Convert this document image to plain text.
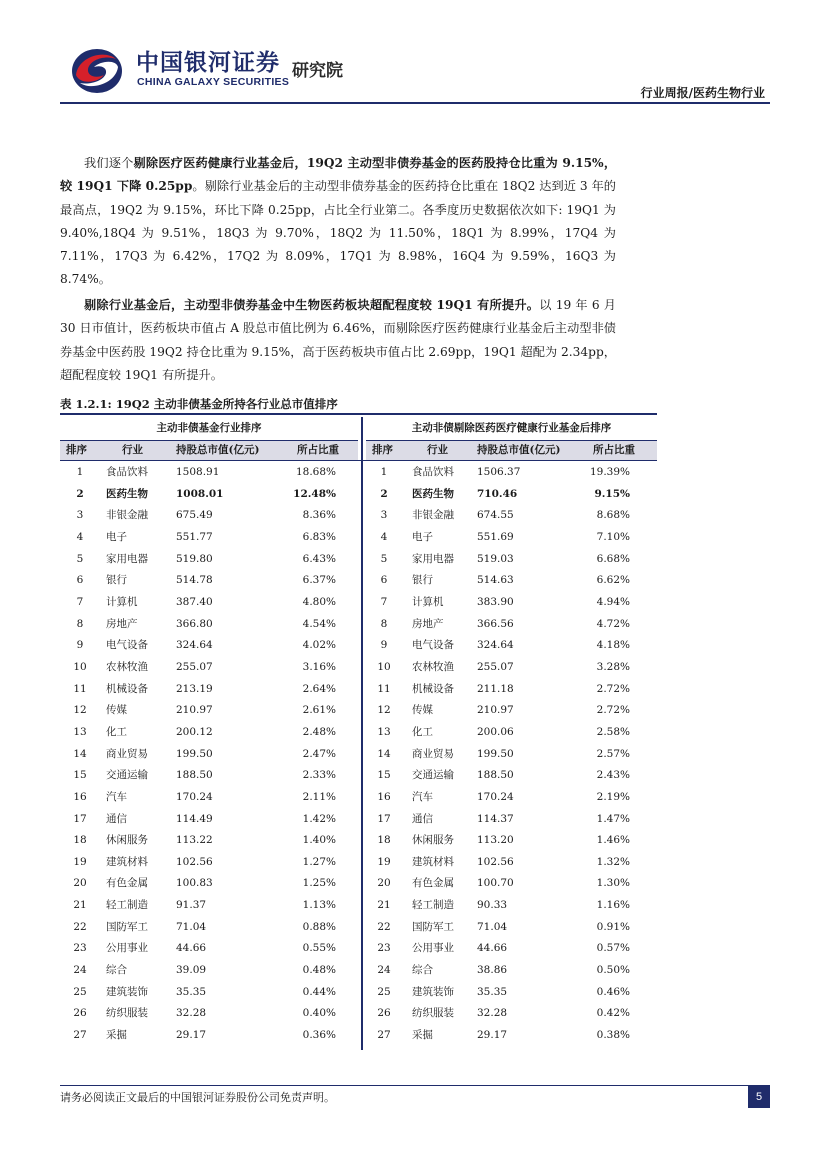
中国银河证券
CHINA GALAXY SECURITIES
研究院
行业周报/医药生物行业

我们逐个剔除医疗医药健康行业基金后，19Q2 主动型非债券基金的医药股持仓比重为 9.15%，较 19Q1 下降 0.25pp。剔除行业基金后的主动型非债券基金的医药持仓比重在 18Q2 达到近 3 年的最高点，19Q2 为 9.15%，环比下降 0.25pp，占比全行业第二。各季度历史数据依次如下: 19Q1 为 9.40%,18Q4 为 9.51%，18Q3 为 9.70%，18Q2 为 11.50%，18Q1 为 8.99%，17Q4 为 7.11%，17Q3 为 6.42%，17Q2 为 8.09%，17Q1 为 8.98%，16Q4 为 9.59%，16Q3 为 8.74%。

剔除行业基金后，主动型非债券基金中生物医药板块超配程度较 19Q1 有所提升。以 19 年 6 月 30 日市值计，医药板块市值占 A 股总市值比例为 6.46%，而剔除医疗医药健康行业基金后主动型非债券基金中医药股 19Q2 持仓比重为 9.15%，高于医药板块市值占比 2.69pp，19Q1 超配为 2.34pp，超配程度较 19Q1 有所提升。

表 1.2.1: 19Q2 主动非债基金所持各行业总市值排序
主动非债基金行业排序	主动非债剔除医药医疗健康行业基金后排序
排序	行业	持股总市值(亿元)	所占比重	排序	行业	持股总市值(亿元)	所占比重
1	食品饮料	1508.91	18.68%	1	食品饮料 1506.37	19.39%
2	医药生物	1008.01	12.48%	2	医药生物 710.46	9.15%
3	非银金融	675.49	8.36%	3	非银金融 674.55	8.68%
4	电子	551.77	6.83%	4	电子	551.69	7.10%
5	家用电器	519.80	6.43%	5	家用电器 519.03	6.68%
6	银行	514.78	6.37%	6	银行	514.63	6.62%
7	计算机	387.40	4.80%	7	计算机	383.90	4.94%
8	房地产	366.80	4.54%	8	房地产	366.56	4.72%
9	电气设备	324.64	4.02%	9	电气设备 324.64	4.18%
10	农林牧渔	255.07	3.16%	10	农林牧渔 255.07	3.28%
11	机械设备	213.19	2.64%	11	机械设备 211.18	2.72%
12	传媒	210.97	2.61%	12	传媒	210.97	2.72%
13	化工	200.12	2.48%	13	化工	200.06	2.58%
14	商业贸易	199.50	2.47%	14	商业贸易 199.50	2.57%
15	交通运输	188.50	2.33%	15	交通运输 188.50	2.43%
16	汽车	170.24	2.11%	16	汽车	170.24	2.19%
17	通信	114.49	1.42%	17	通信	114.37	1.47%
18	休闲服务	113.22	1.40%	18	休闲服务 113.20	1.46%
19	建筑材料	102.56	1.27%	19	建筑材料 102.56	1.32%
20	有色金属	100.83	1.25%	20	有色金属 100.70	1.30%
21	轻工制造	91.37	1.13%	21	轻工制造 90.33	1.16%
22	国防军工	71.04	0.88%	22	国防军工 71.04	0.91%
23	公用事业	44.66	0.55%	23	公用事业 44.66	0.57%
24	综合	39.09	0.48%	24	综合	38.86	0.50%
25	建筑装饰	35.35	0.44%	25	建筑装饰 35.35	0.46%
26	纺织服装	32.28	0.40%	26	纺织服装 32.28	0.42%
27	采掘	29.17	0.36%	27	采掘	29.17	0.38%
请务必阅读正文最后的中国银河证券股份公司免责声明。	5
